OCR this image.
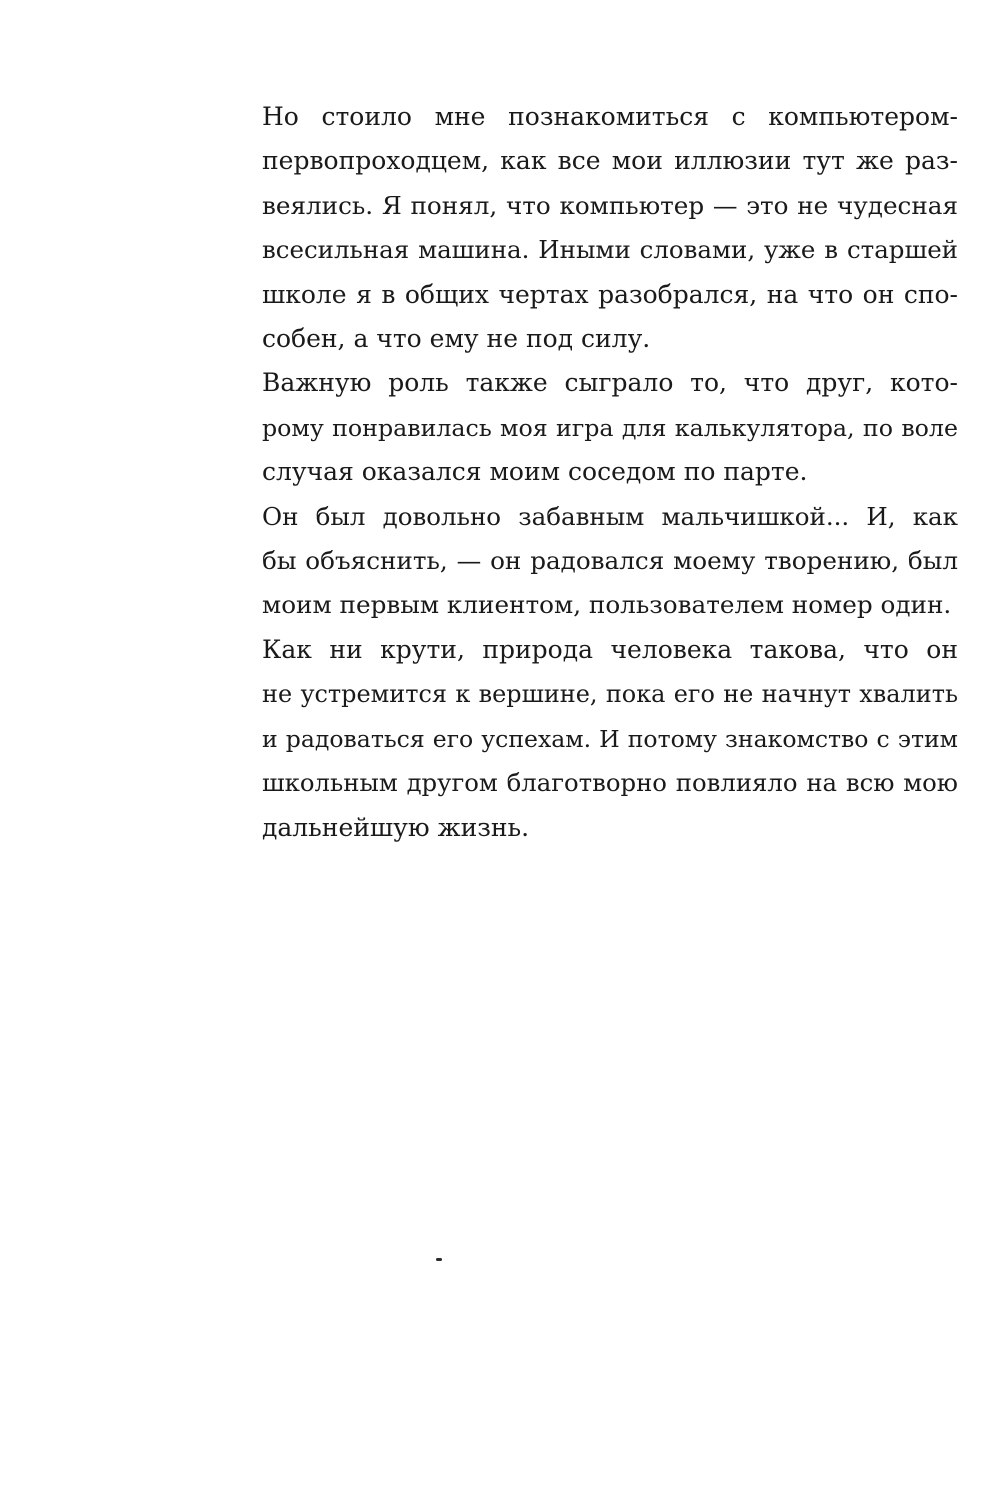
Но стоило мне познакомиться с компьютером-
первопроходцем, как все мои иллюзии тут же раз-
веялись. Я понял, что компьютер — это не чудесная
всесильная машина. Иными словами, уже в старшей
школе я в общих чертах разобрался, на что он спо-
собен, а что ему не под силу.

Важную роль также сыграло то, что друг, кото-
рому понравилась моя игра для калькулятора, по воле
случая оказался моим соседом по парте.

Он был довольно забавным мальчишкой... И, как
бы объяснить, — он радовался моему творению, был
моим первым клиентом, пользователем номер один.

Как ни крути, природа человека такова, что он
не устремится к вершине, пока его не начнут хвалить
и радоваться его успехам. И потому знакомство с этим
школьным другом благотворно повлияло на всю мою
дальнейшую жизнь.
